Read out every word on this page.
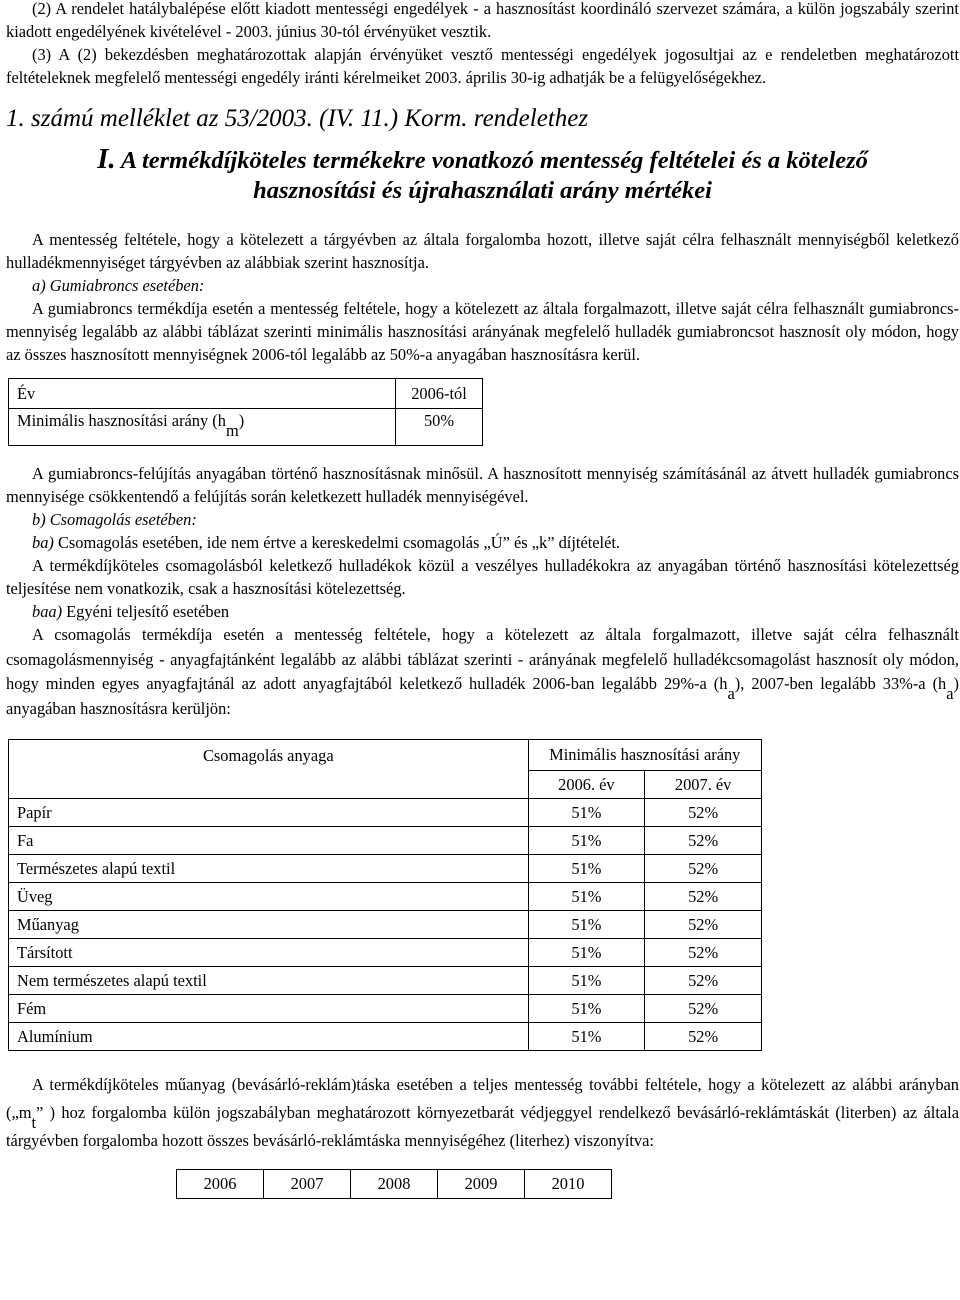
(2) A rendelet hatálybalépése előtt kiadott mentességi engedélyek - a hasznosítást koordináló szervezet számára, a külön jogszabály szerint kiadott engedélyének kivételével - 2003. június 30-tól érvényüket vesztik.

(3) A (2) bekezdésben meghatározottak alapján érvényüket vesztő mentességi engedélyek jogosultjai az e rendeletben meghatározott feltételeknek megfelelő mentességi engedély iránti kérelmeiket 2003. április 30-ig adhatják be a felügyelőségekhez.

1. számú melléklet az 53/2003. (IV. 11.) Korm. rendelethez

I. A termékdíjköteles termékekre vonatkozó mentesség feltételei és a kötelező
hasznosítási és újrahasználati arány mértékei

A mentesség feltétele, hogy a kötelezett a tárgyévben az általa forgalomba hozott, illetve saját célra felhasznált mennyiségből keletkező hulladékmennyiséget tárgyévben az alábbiak szerint hasznosítja.

a) Gumiabroncs esetében:

A gumiabroncs termékdíja esetén a mentesség feltétele, hogy a kötelezett az általa forgalmazott, illetve saját célra felhasznált gumiabroncs-mennyiség legalább az alábbi táblázat szerinti minimális hasznosítási arányának megfelelő hulladék gumiabroncsot hasznosít oly módon, hogy az összes hasznosított mennyiségnek 2006-tól legalább az 50%-a anyagában hasznosításra kerül.

Év	2006-tól
Minimális hasznosítási arány $(h_m)$	50%

A gumiabroncs-felújítás anyagában történő hasznosításnak minősül. A hasznosított mennyiség számításánál az átvett hulladék gumiabroncs mennyisége csökkentendő a felújítás során keletkezett hulladék mennyiségével.

b) Csomagolás esetében:

ba) Csomagolás esetében, ide nem értve a kereskedelmi csomagolás „Ú” és „k” díjtételét.

A termékdíjköteles csomagolásból keletkező hulladékok közül a veszélyes hulladékokra az anyagában történő hasznosítási kötelezettség teljesítése nem vonatkozik, csak a hasznosítási kötelezettség.

baa) Egyéni teljesítő esetében

A csomagolás termékdíja esetén a mentesség feltétele, hogy a kötelezett az általa forgalmazott, illetve saját célra felhasznált csomagolásmennyiség - anyagfajtánként legalább az alábbi táblázat szerinti - arányának megfelelő hulladékcsomagolást hasznosít oly módon, hogy minden egyes anyagfajtánál az adott anyagfajtából keletkező hulladék 2006-ban legalább 29%-a $(h_a)$, 2007-ben legalább 33%-a $(h_a)$ anyagában hasznosításra kerüljön:

Csomagolás anyaga	Minimális hasznosítási arány	
	2006. év	2007. év
Papír	51%	52%
Fa	51%	52%
Természetes alapú textil	51%	52%
Üveg	51%	52%
Műanyag	51%	52%
Társított	51%	52%
Nem természetes alapú textil	51%	52%
Fém	51%	52%
Alumínium	51%	52%

A termékdíjköteles műanyag (bevásárló-reklám)táska esetében a teljes mentesség további feltétele, hogy a kötelezett az alábbi arányban ($„m_t$” ) hoz forgalomba külön jogszabályban meghatározott környezetbarát védjeggyel rendelkező bevásárló-reklámtáskát (literben) az általa tárgyévben forgalomba hozott összes bevásárló-reklámtáska mennyiségéhez (literhez) viszonyítva:

2006	2007	2008	2009	2010
